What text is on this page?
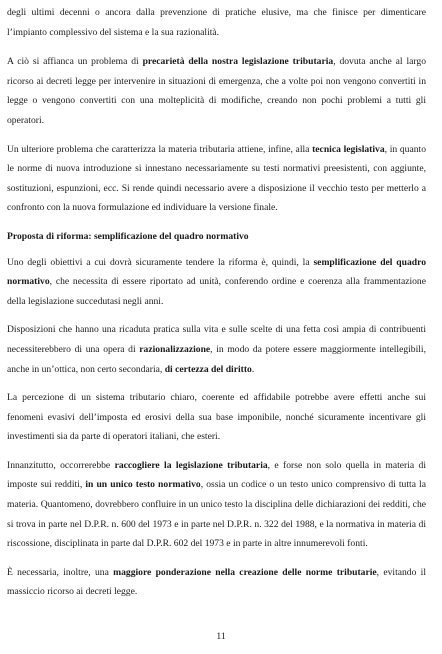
degli ultimi decenni o ancora dalla prevenzione di pratiche elusive, ma che finisce per dimenticare l’impianto complessivo del sistema e la sua razionalità.

A ciò si affianca un problema di precarietà della nostra legislazione tributaria, dovuta anche al largo ricorso ai decreti legge per intervenire in situazioni di emergenza, che a volte poi non vengono convertiti in legge o vengono convertiti con una molteplicità di modifiche, creando non pochi problemi a tutti gli operatori.

Un ulteriore problema che caratterizza la materia tributaria attiene, infine, alla tecnica legislativa, in quanto le norme di nuova introduzione si innestano necessariamente su testi normativi preesistenti, con aggiunte, sostituzioni, espunzioni, ecc. Si rende quindi necessario avere a disposizione il vecchio testo per metterlo a confronto con la nuova formulazione ed individuare la versione finale.

Proposta di riforma: semplificazione del quadro normativo

Uno degli obiettivi a cui dovrà sicuramente tendere la riforma è, quindi, la semplificazione del quadro normativo, che necessita di essere riportato ad unità, conferendo ordine e coerenza alla frammentazione della legislazione succedutasi negli anni.

Disposizioni che hanno una ricaduta pratica sulla vita e sulle scelte di una fetta così ampia di contribuenti necessiterebbero di una opera di razionalizzazione, in modo da potere essere maggiormente intellegibili, anche in un’ottica, non certo secondaria, di certezza del diritto.

La percezione di un sistema tributario chiaro, coerente ed affidabile potrebbe avere effetti anche sui fenomeni evasivi dell’imposta ed erosivi della sua base imponibile, nonché sicuramente incentivare gli investimenti sia da parte di operatori italiani, che esteri.

Innanzitutto, occorrerebbe raccogliere la legislazione tributaria, e forse non solo quella in materia di imposte sui redditi, in un unico testo normativo, ossia un codice o un testo unico comprensivo di tutta la materia. Quantomeno, dovrebbero confluire in un unico testo la disciplina delle dichiarazioni dei redditi, che si trova in parte nel D.P.R. n. 600 del 1973 e in parte nel D.P.R. n. 322 del 1988, e la normativa in materia di riscossione, disciplinata in parte dal D.P.R. 602 del 1973 e in parte in altre innumerevoli fonti.

È necessaria, inoltre, una maggiore ponderazione nella creazione delle norme tributarie, evitando il massiccio ricorso ai decreti legge.

11
